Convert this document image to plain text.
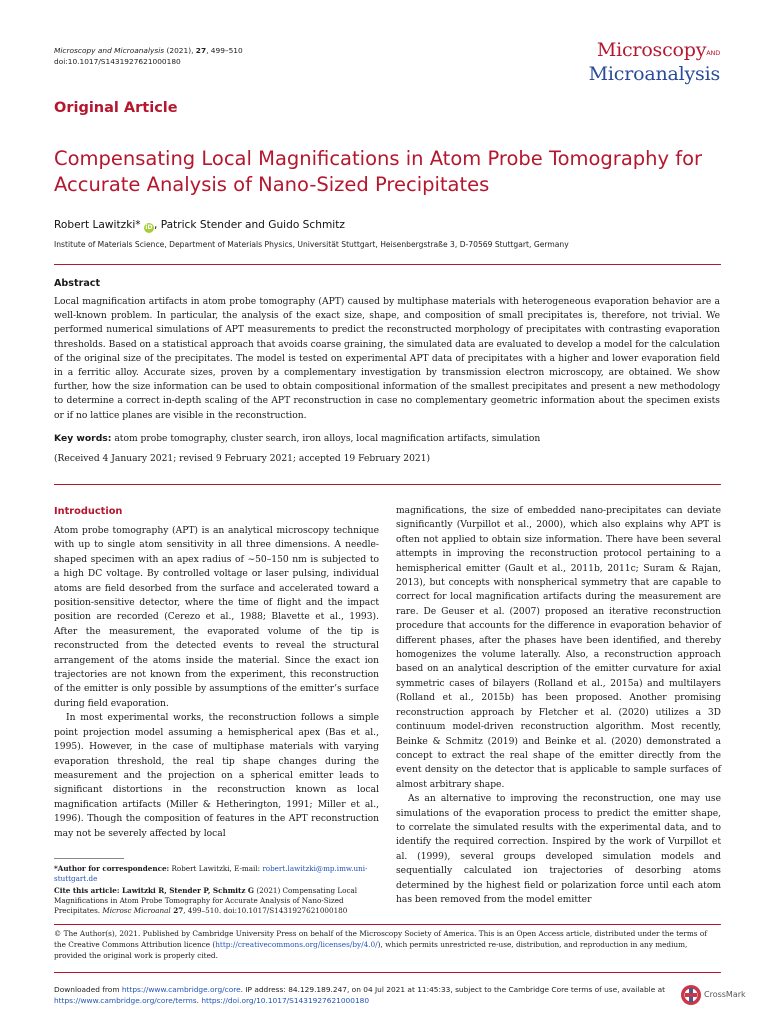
Microscopy and Microanalysis (2021), 27, 499–510
doi:10.1017/S1431927621000180	MicroscopyAND
Microanalysis
Original Article
Compensating Local Magnifications in Atom Probe Tomography for Accurate Analysis of Nano-Sized Precipitates
Robert Lawitzki* iD, Patrick Stender and Guido Schmitz
Institute of Materials Science, Department of Materials Physics, Universität Stuttgart, Heisenbergstraße 3, D-70569 Stuttgart, Germany
Abstract
Local magnification artifacts in atom probe tomography (APT) caused by multiphase materials with heterogeneous evaporation behavior are a well-known problem. In particular, the analysis of the exact size, shape, and composition of small precipitates is, therefore, not trivial. We performed numerical simulations of APT measurements to predict the reconstructed morphology of precipitates with contrasting evaporation thresholds. Based on a statistical approach that avoids coarse graining, the simulated data are evaluated to develop a model for the calculation of the original size of the precipitates. The model is tested on experimental APT data of precipitates with a higher and lower evaporation field in a ferritic alloy. Accurate sizes, proven by a complementary investigation by transmission electron microscopy, are obtained. We show further, how the size information can be used to obtain compositional information of the smallest precipitates and present a new methodology to determine a correct in-depth scaling of the APT reconstruction in case no complementary geometric information about the specimen exists or if no lattice planes are visible in the reconstruction.
Key words: atom probe tomography, cluster search, iron alloys, local magnification artifacts, simulation
(Received 4 January 2021; revised 9 February 2021; accepted 19 February 2021)
Introduction

Atom probe tomography (APT) is an analytical microscopy technique with up to single atom sensitivity in all three dimensions. A needle-shaped specimen with an apex radius of ∼50–150 nm is subjected to a high DC voltage. By controlled voltage or laser pulsing, individual atoms are field desorbed from the surface and accelerated toward a position-sensitive detector, where the time of flight and the impact position are recorded (Cerezo et al., 1988; Blavette et al., 1993). After the measurement, the evaporated volume of the tip is reconstructed from the detected events to reveal the structural arrangement of the atoms inside the material. Since the exact ion trajectories are not known from the experiment, this reconstruction of the emitter is only possible by assumptions of the emitter’s surface during field evaporation.

In most experimental works, the reconstruction follows a simple point projection model assuming a hemispherical apex (Bas et al., 1995). However, in the case of multiphase materials with varying evaporation threshold, the real tip shape changes during the measurement and the projection on a spherical emitter leads to significant distortions in the reconstruction known as local magnification artifacts (Miller & Hetherington, 1991; Miller et al., 1996). Though the composition of features in the APT reconstruction may not be severely affected by local

magnifications, the size of embedded nano-precipitates can deviate significantly (Vurpillot et al., 2000), which also explains why APT is often not applied to obtain size information. There have been several attempts in improving the reconstruction protocol pertaining to a hemispherical emitter (Gault et al., 2011b, 2011c; Suram & Rajan, 2013), but concepts with nonspherical symmetry that are capable to correct for local magnification artifacts during the measurement are rare. De Geuser et al. (2007) proposed an iterative reconstruction procedure that accounts for the difference in evaporation behavior of different phases, after the phases have been identified, and thereby homogenizes the volume laterally. Also, a reconstruction approach based on an analytical description of the emitter curvature for axial symmetric cases of bilayers (Rolland et al., 2015a) and multilayers (Rolland et al., 2015b) has been proposed. Another promising reconstruction approach by Fletcher et al. (2020) utilizes a 3D continuum model-driven reconstruction algorithm. Most recently, Beinke & Schmitz (2019) and Beinke et al. (2020) demonstrated a concept to extract the real shape of the emitter directly from the event density on the detector that is applicable to sample surfaces of almost arbitrary shape.

As an alternative to improving the reconstruction, one may use simulations of the evaporation process to predict the emitter shape, to correlate the simulated results with the experimental data, and to identify the required correction. Inspired by the work of Vurpillot et al. (1999), several groups developed simulation models and sequentially calculated ion trajectories of desorbing atoms determined by the highest field or polarization force until each atom has been removed from the model emitter

*Author for correspondence: Robert Lawitzki, E-mail: robert.lawitzki@mp.imw.uni-stuttgart.de

Cite this article: Lawitzki R, Stender P, Schmitz G (2021) Compensating Local Magnifications in Atom Probe Tomography for Accurate Analysis of Nano-Sized Precipitates. Microsc Microanal 27, 499–510. doi:10.1017/S1431927621000180

© The Author(s), 2021. Published by Cambridge University Press on behalf of the Microscopy Society of America. This is an Open Access article, distributed under the terms of the Creative Commons Attribution licence (http://creativecommons.org/licenses/by/4.0/), which permits unrestricted re-use, distribution, and reproduction in any medium, provided the original work is properly cited.
Downloaded from https://www.cambridge.org/core. IP address: 84.129.189.247, on 04 Jul 2021 at 11:45:33, subject to the Cambridge Core terms of use, available at
https://www.cambridge.org/core/terms. https://doi.org/10.1017/S1431927621000180
CrossMark
